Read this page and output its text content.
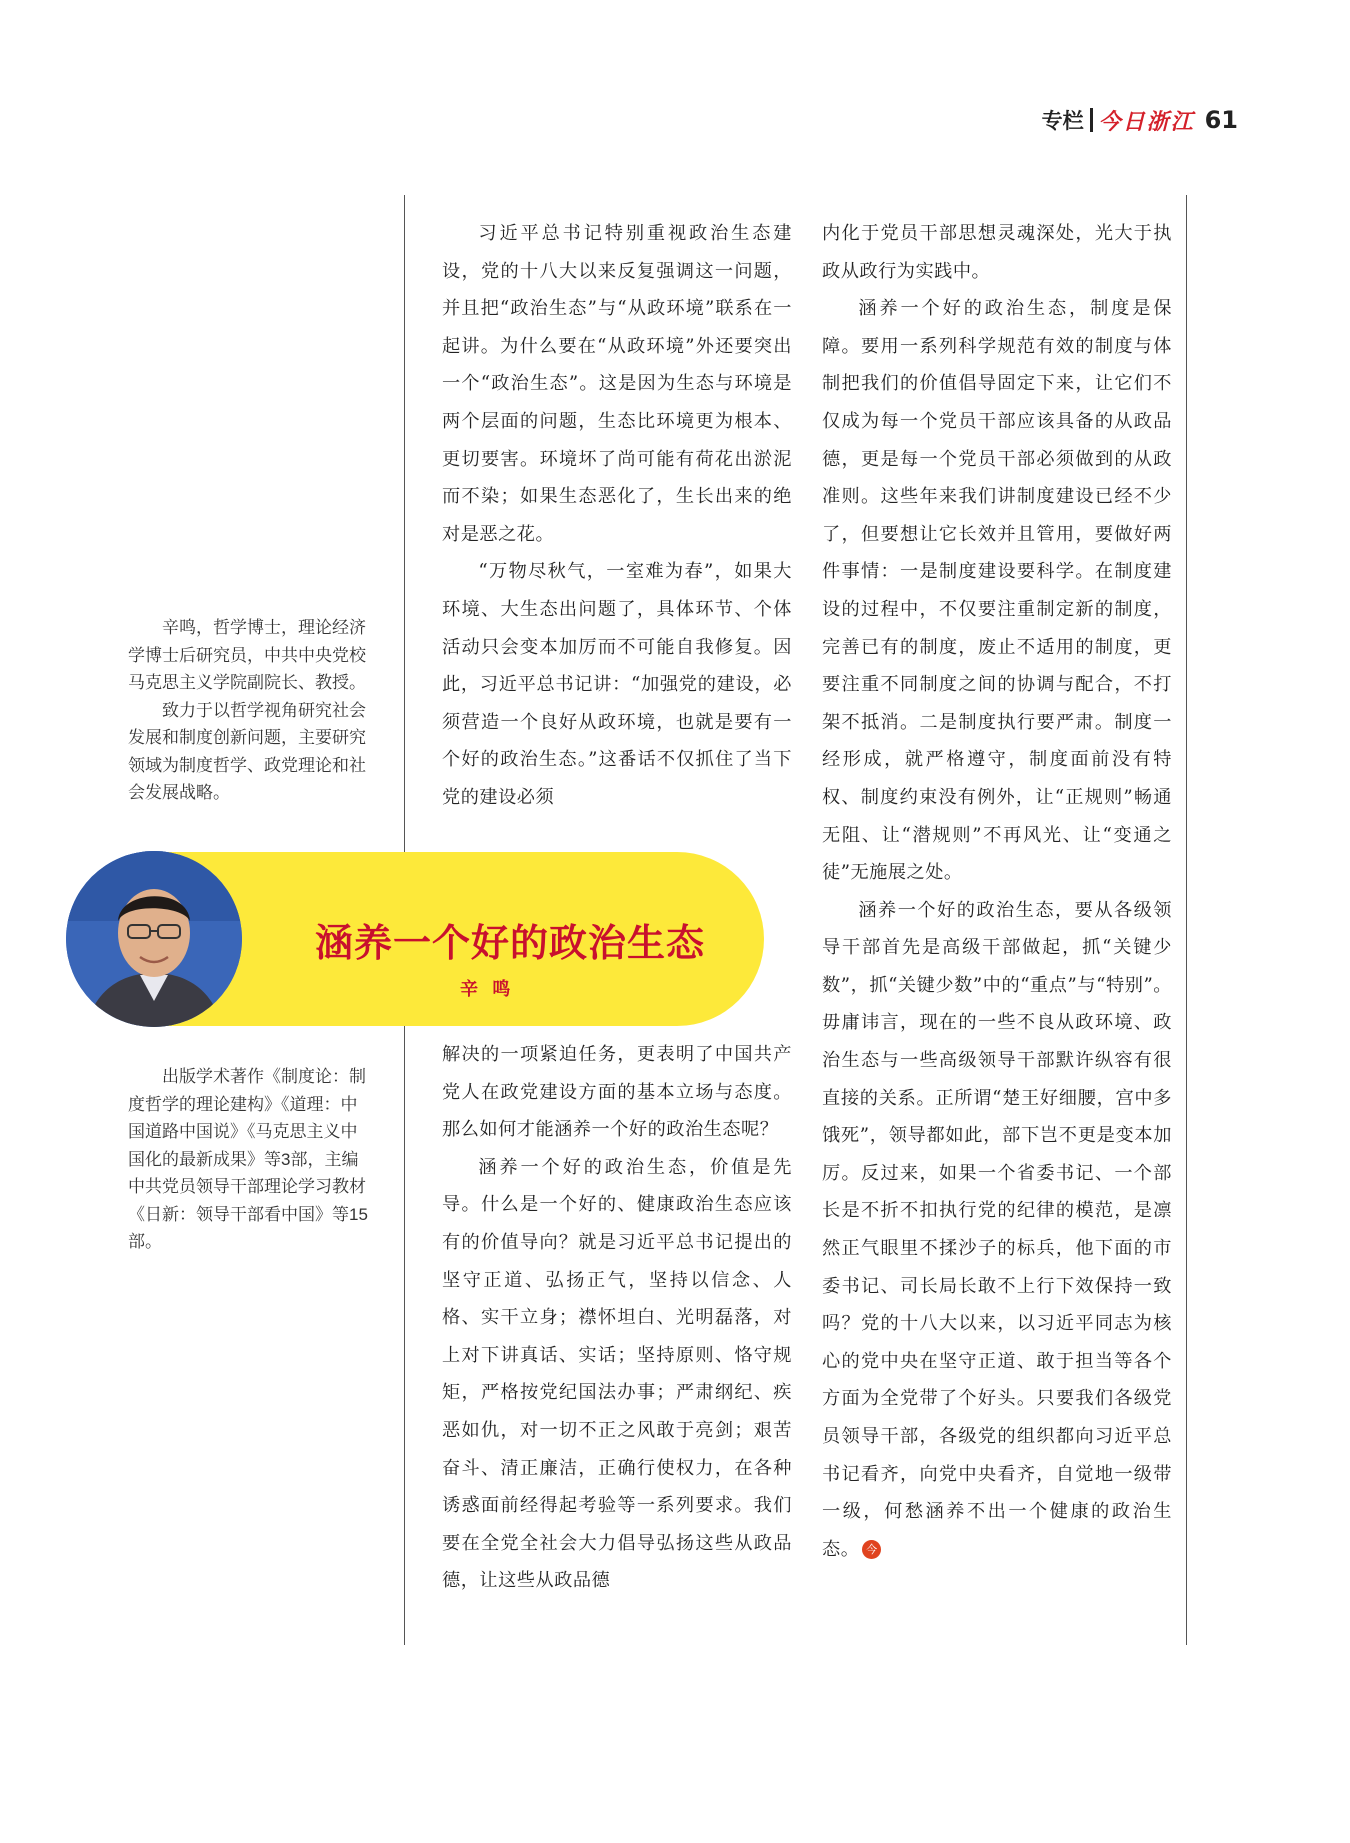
专栏 今日浙江 61

辛鸣，哲学博士，理论经济学博士后研究员，中共中央党校马克思主义学院副院长、教授。

致力于以哲学视角研究社会发展和制度创新问题，主要研究领域为制度哲学、政党理论和社会发展战略。

出版学术著作《制度论：制度哲学的理论建构》《道理：中国道路中国说》《马克思主义中国化的最新成果》等3部，主编中共党员领导干部理论学习教材《日新：领导干部看中国》等15部。

习近平总书记特别重视政治生态建设，党的十八大以来反复强调这一问题，并且把“政治生态”与“从政环境”联系在一起讲。为什么要在“从政环境”外还要突出一个“政治生态”。这是因为生态与环境是两个层面的问题，生态比环境更为根本、更切要害。环境坏了尚可能有荷花出淤泥而不染；如果生态恶化了，生长出来的绝对是恶之花。

“万物尽秋气，一室难为春”，如果大环境、大生态出问题了，具体环节、个体活动只会变本加厉而不可能自我修复。因此，习近平总书记讲：“加强党的建设，必须营造一个良好从政环境，也就是要有一个好的政治生态。”这番话不仅抓住了当下党的建设必须

解决的一项紧迫任务，更表明了中国共产党人在政党建设方面的基本立场与态度。那么如何才能涵养一个好的政治生态呢？

涵养一个好的政治生态，价值是先导。什么是一个好的、健康政治生态应该有的价值导向？就是习近平总书记提出的坚守正道、弘扬正气，坚持以信念、人格、实干立身；襟怀坦白、光明磊落，对上对下讲真话、实话；坚持原则、恪守规矩，严格按党纪国法办事；严肃纲纪、疾恶如仇，对一切不正之风敢于亮剑；艰苦奋斗、清正廉洁，正确行使权力，在各种诱惑面前经得起考验等一系列要求。我们要在全党全社会大力倡导弘扬这些从政品德，让这些从政品德

内化于党员干部思想灵魂深处，光大于执政从政行为实践中。

涵养一个好的政治生态，制度是保障。要用一系列科学规范有效的制度与体制把我们的价值倡导固定下来，让它们不仅成为每一个党员干部应该具备的从政品德，更是每一个党员干部必须做到的从政准则。这些年来我们讲制度建设已经不少了，但要想让它长效并且管用，要做好两件事情：一是制度建设要科学。在制度建设的过程中，不仅要注重制定新的制度，完善已有的制度，废止不适用的制度，更要注重不同制度之间的协调与配合，不打架不抵消。二是制度执行要严肃。制度一经形成，就严格遵守，制度面前没有特权、制度约束没有例外，让“正规则”畅通无阻、让“潜规则”不再风光、让“变通之徒”无施展之处。

涵养一个好的政治生态，要从各级领导干部首先是高级干部做起，抓“关键少数”，抓“关键少数”中的“重点”与“特别”。毋庸讳言，现在的一些不良从政环境、政治生态与一些高级领导干部默许纵容有很直接的关系。正所谓“楚王好细腰，宫中多饿死”，领导都如此，部下岂不更是变本加厉。反过来，如果一个省委书记、一个部长是不折不扣执行党的纪律的模范，是凛然正气眼里不揉沙子的标兵，他下面的市委书记、司长局长敢不上行下效保持一致吗？党的十八大以来，以习近平同志为核心的党中央在坚守正道、敢于担当等各个方面为全党带了个好头。只要我们各级党员领导干部，各级党的组织都向习近平总书记看齐，向党中央看齐，自觉地一级带一级，何愁涵养不出一个健康的政治生态。 今

涵养一个好的政治生态
辛 鸣
